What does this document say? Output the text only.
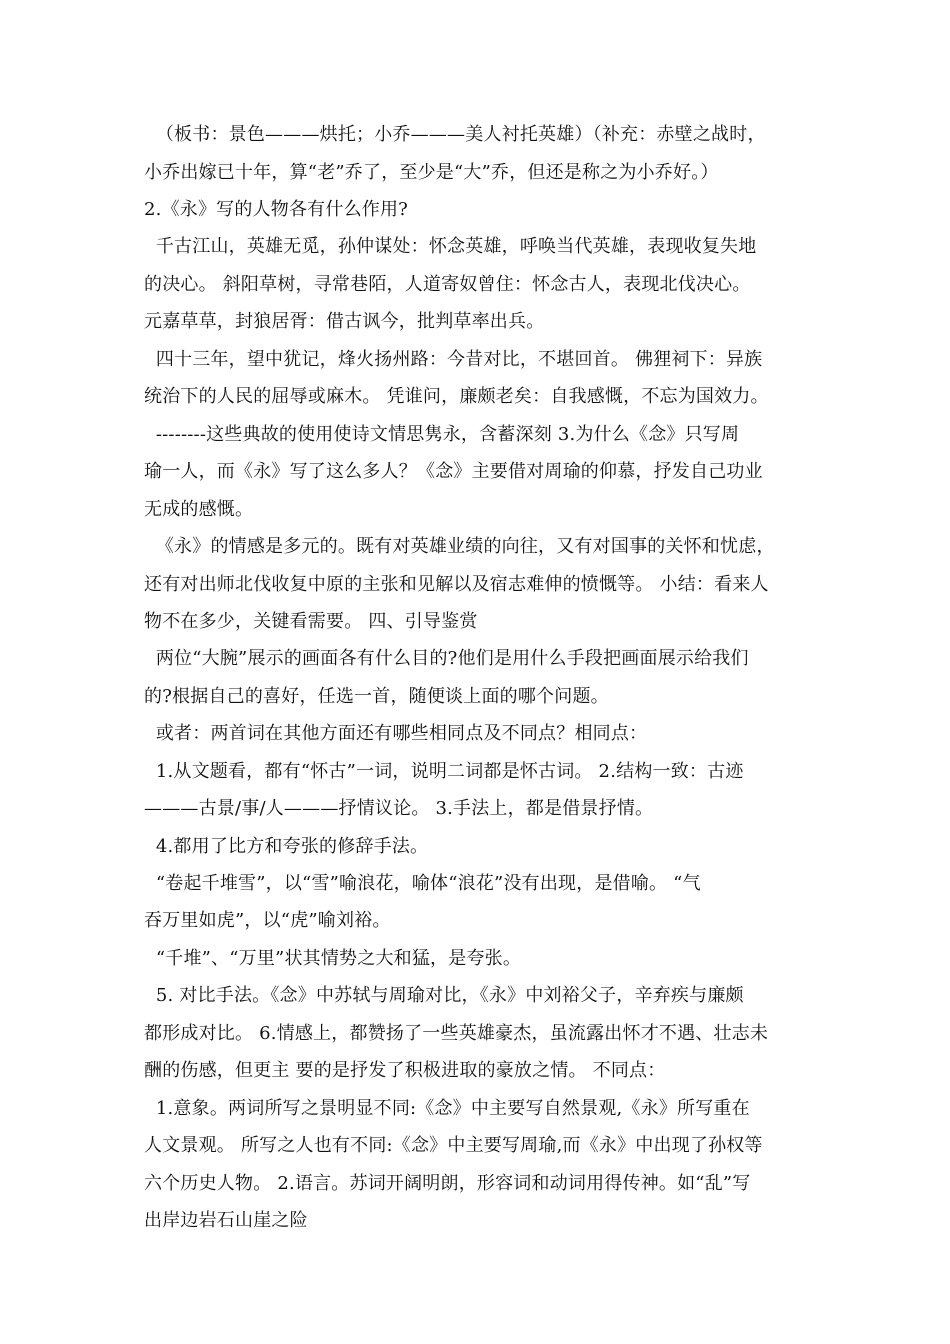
（板书：景色———烘托；小乔———美人衬托英雄）（补充：赤壁之战时，
小乔出嫁已十年，算“老”乔了，至少是“大”乔，但还是称之为小乔好。）
2.《永》写的人物各有什么作用?
千古江山，英雄无觅，孙仲谋处：怀念英雄，呼唤当代英雄，表现收复失地
的决心。 斜阳草树，寻常巷陌，人道寄奴曾住：怀念古人，表现北伐决心。
元嘉草草，封狼居胥：借古讽今，批判草率出兵。
四十三年，望中犹记，烽火扬州路：今昔对比，不堪回首。 佛狸祠下：异族
统治下的人民的屈辱或麻木。 凭谁问，廉颇老矣：自我感慨，不忘为国效力。
--------这些典故的使用使诗文情思隽永，含蓄深刻 3.为什么《念》只写周
瑜一人，而《永》写了这么多人？《念》主要借对周瑜的仰慕，抒发自己功业
无成的感慨。
《永》的情感是多元的。既有对英雄业绩的向往，又有对国事的关怀和忧虑，
还有对出师北伐收复中原的主张和见解以及宿志难伸的愤慨等。 小结：看来人
物不在多少，关键看需要。 四、引导鉴赏
两位“大腕”展示的画面各有什么目的?他们是用什么手段把画面展示给我们
的?根据自己的喜好，任选一首，随便谈上面的哪个问题。
或者：两首词在其他方面还有哪些相同点及不同点？相同点：
1.从文题看，都有“怀古”一词，说明二词都是怀古词。 2.结构一致：古迹
———古景/事/人———抒情议论。 3.手法上，都是借景抒情。
4.都用了比方和夸张的修辞手法。
“卷起千堆雪”，以“雪”喻浪花，喻体“浪花”没有出现，是借喻。 “气
吞万里如虎”，以“虎”喻刘裕。
“千堆”、“万里”状其情势之大和猛，是夸张。
5. 对比手法。《念》中苏轼与周瑜对比，《永》中刘裕父子，辛弃疾与廉颇
都形成对比。 6.情感上，都赞扬了一些英雄豪杰，虽流露出怀才不遇、壮志未
酬的伤感，但更主 要的是抒发了积极进取的豪放之情。 不同点：
1.意象。两词所写之景明显不同:《念》中主要写自然景观,《永》所写重在
人文景观。 所写之人也有不同:《念》中主要写周瑜,而《永》中出现了孙权等
六个历史人物。 2.语言。苏词开阔明朗，形容词和动词用得传神。如“乱”写
出岸边岩石山崖之险
